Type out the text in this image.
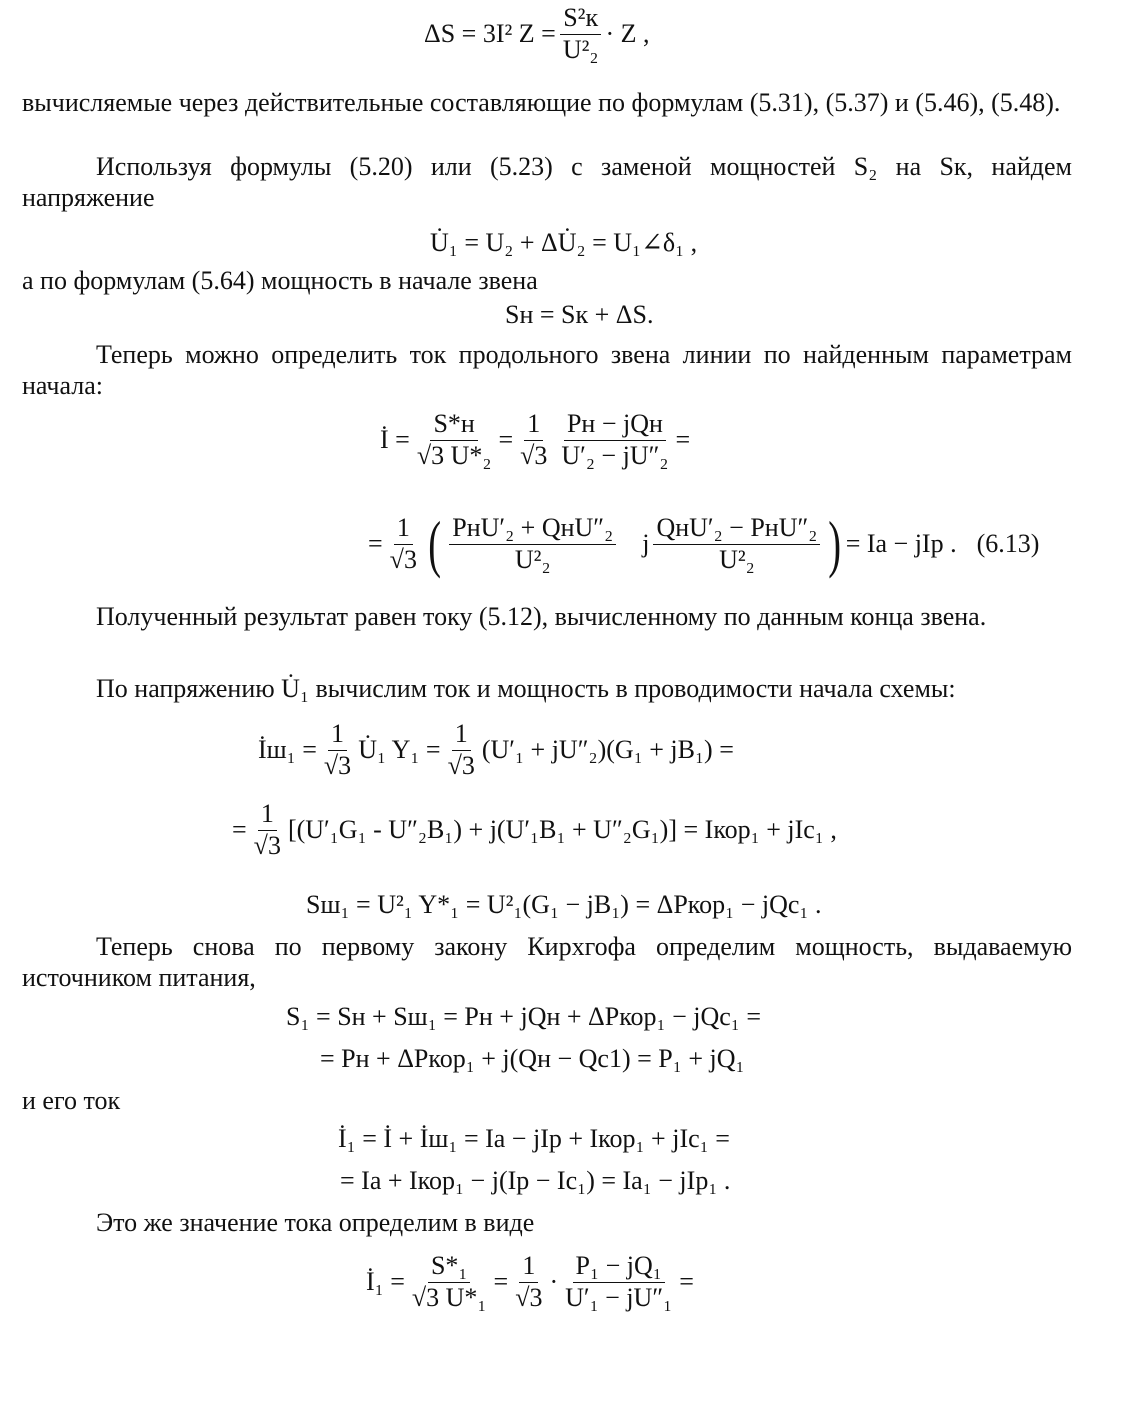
ΔS = 3I² $Z = \frac{\text{S²к}}{\text{U²₂}} \cdot Z$ ,
вычисляемые через действительные составляющие по формулам (5.31), (5.37) и (5.46), (5.48).
Используя формулы (5.20) или (5.23) с заменой мощностей S₂ на Sк, найдем напряжение
U̇₁ = U₂ + ΔU̇₂ = U₁∠δ₁ ,
а по формулам (5.64) мощность в начале звена
Sн = Sк + ΔS.
Теперь можно определить ток продольного звена линии по найденным параметрам начала:
İ = $\frac{S*н}{\text{√3 U*₂}} = \frac{1}{√3} \frac{\text{Pн − jQн}}{\text{U′₂ − jU″₂}}$ =
= $\frac{1}{√3}$ ( $\frac{\text{PнU′₂ + QнU″₂}}{\text{U²₂}}$ j $\frac{\text{QнU′₂ − PнU″₂}}{\text{U²₂}}$ ) = Iа − jIр . (6.13)
Полученный результат равен току (5.12), вычисленному по данным конца звена.
По напряжению U̇₁ вычислим ток и мощность в проводимости начала схемы:
İш₁ = $\frac{1}{√3}$ U̇₁ $Y_1 = \frac{1}{√3} (U'_1 + jU''_2)(G_1 + jB_1)$ =
= $\frac{1}{√3} [(U'_1G_1 - U''_2B_1) + j(U'_1B_1 + U''_2G_1)]$ = Iкор₁ + jIс₁ ,
Sш₁ = U²₁ Y*₁ = U²₁(G₁ − jB₁) = ΔPкор₁ − jQс₁ .
Теперь снова по первому закону Кирхгофа определим мощность, выдаваемую источником питания,
S₁ = Sн + Sш₁ = Pн + jQн + ΔPкор₁ − jQс₁ =
= Pн + ΔPкор₁ + j(Qн − Qс1) = P₁ + jQ₁
и его ток
İ₁ = İ + İш₁ = Iа − jIр + Iкор₁ + jIс₁ =
= Iа + Iкор₁ − j(Iр − Iс₁) = Iа₁ − jIр₁ .
Это же значение тока определим в виде
İ₁ = $\frac{\text{S*₁}}{\text{√3 U*₁}} = \frac{1}{√3} \cdot \frac{\text{P₁ − jQ₁}}{\text{U′₁ − jU″₁}}$ =
